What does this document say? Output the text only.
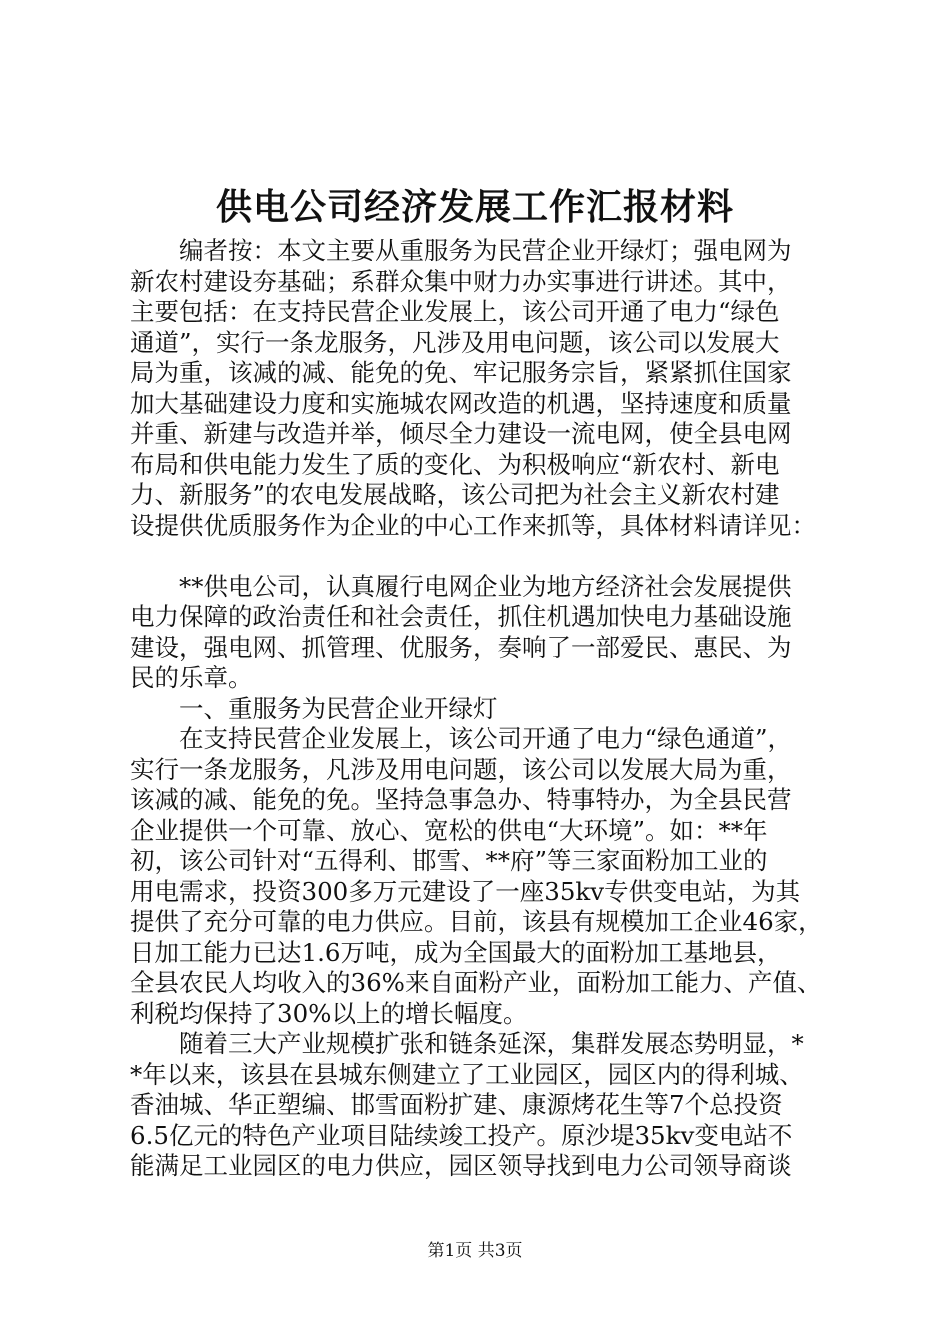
供电公司经济发展工作汇报材料
　　编者按：本文主要从重服务为民营企业开绿灯；强电网为
新农村建设夯基础；系群众集中财力办实事进行讲述。其中，
主要包括：在支持民营企业发展上，该公司开通了电力“绿色
通道”，实行一条龙服务，凡涉及用电问题，该公司以发展大
局为重，该减的减、能免的免、牢记服务宗旨，紧紧抓住国家
加大基础建设力度和实施城农网改造的机遇，坚持速度和质量
并重、新建与改造并举，倾尽全力建设一流电网，使全县电网
布局和供电能力发生了质的变化、为积极响应“新农村、新电
力、新服务”的农电发展战略，该公司把为社会主义新农村建
设提供优质服务作为企业的中心工作来抓等，具体材料请详见：
　　**供电公司，认真履行电网企业为地方经济社会发展提供
电力保障的政治责任和社会责任，抓住机遇加快电力基础设施
建设，强电网、抓管理、优服务，奏响了一部爱民、惠民、为
民的乐章。
　　一、重服务为民营企业开绿灯
　　在支持民营企业发展上，该公司开通了电力“绿色通道”，
实行一条龙服务，凡涉及用电问题，该公司以发展大局为重，
该减的减、能免的免。坚持急事急办、特事特办，为全县民营
企业提供一个可靠、放心、宽松的供电“大环境”。如：**年
初，该公司针对“五得利、邯雪、**府”等三家面粉加工业的
用电需求，投资300多万元建设了一座35kv专供变电站，为其
提供了充分可靠的电力供应。目前，该县有规模加工企业46家，
日加工能力已达1.6万吨，成为全国最大的面粉加工基地县，
全县农民人均收入的36%来自面粉产业，面粉加工能力、产值、
利税均保持了30%以上的增长幅度。
　　随着三大产业规模扩张和链条延深，集群发展态势明显，*
*年以来，该县在县城东侧建立了工业园区，园区内的得利城、
香油城、华正塑编、邯雪面粉扩建、康源烤花生等7个总投资
6.5亿元的特色产业项目陆续竣工投产。原沙堤35kv变电站不
能满足工业园区的电力供应，园区领导找到电力公司领导商谈
第1页 共3页
